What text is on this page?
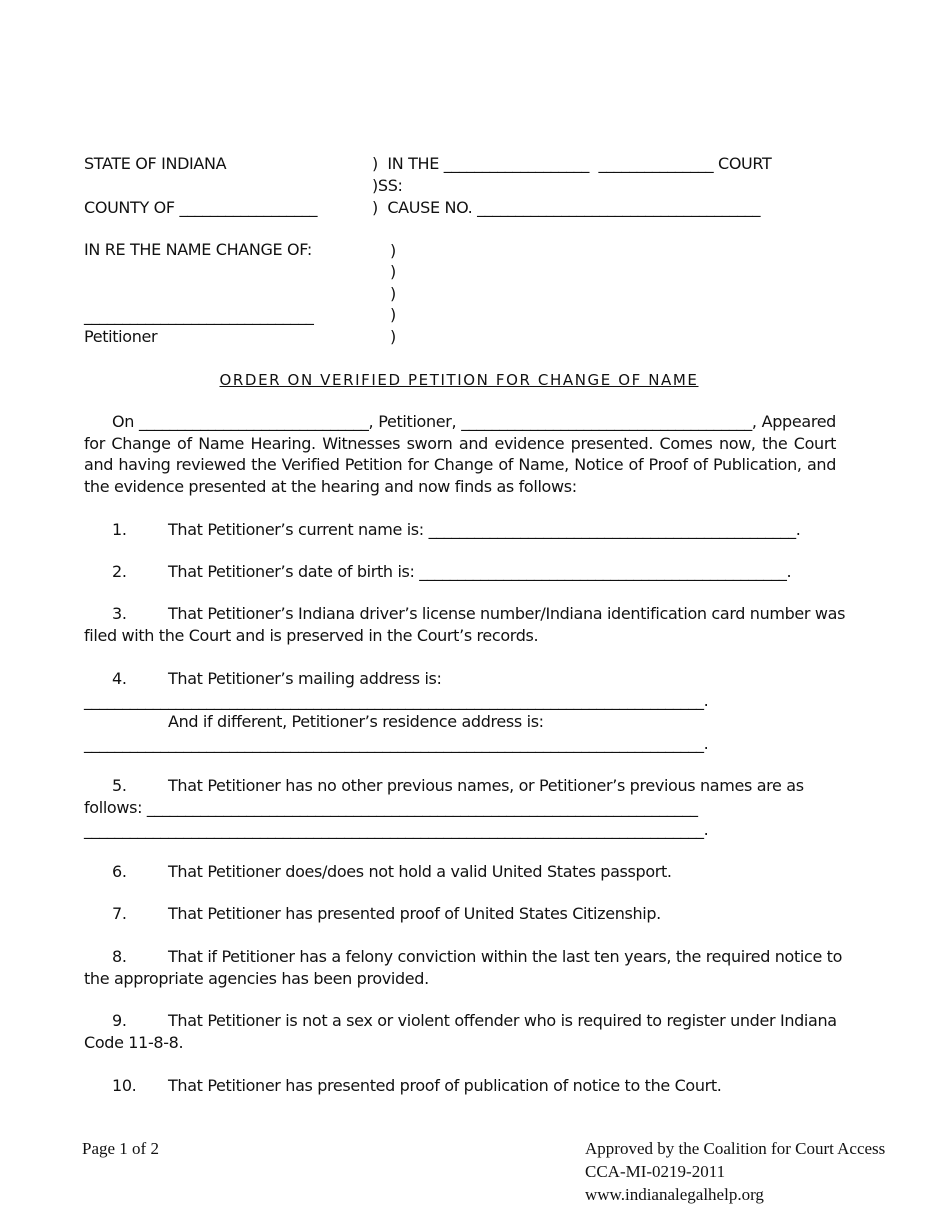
STATE OF INDIANA	)  IN THE ___________________  _______________ COURT
)SS:
COUNTY OF __________________	)  CAUSE NO. _____________________________________
IN RE THE NAME CHANGE OF:	)
)
)
)
)
______________________________
Petitioner
ORDER ON VERIFIED PETITION FOR CHANGE OF NAME
On ______________________________, Petitioner, ______________________________________, Appeared for Change of Name Hearing. Witnesses sworn and evidence presented. Comes now, the Court and having reviewed the Verified Petition for Change of Name, Notice of Proof of Publication, and the evidence presented at the hearing and now finds as follows:
1.	That Petitioner’s current name is: ________________________________________________.
2.	That Petitioner’s date of birth is: ________________________________________________.
3.	That Petitioner’s Indiana driver’s license number/Indiana identification card number was
filed with the Court and is preserved in the Court’s records.
4.	That Petitioner’s mailing address is:
_________________________________________________________________________________.
And if different, Petitioner’s residence address is:
_________________________________________________________________________________.
5.	That Petitioner has no other previous names, or Petitioner’s previous names are as
follows: ________________________________________________________________________
_________________________________________________________________________________.
6.	That Petitioner does/does not hold a valid United States passport.
7.	That Petitioner has presented proof of United States Citizenship.
8.	That if Petitioner has a felony conviction within the last ten years, the required notice to
the appropriate agencies has been provided.
9.	That Petitioner is not a sex or violent offender who is required to register under Indiana
Code 11-8-8.
10. That Petitioner has presented proof of publication of notice to the Court.
Page 1 of 2	Approved by the Coalition for Court Access
CCA-MI-0219-2011
www.indianalegalhelp.org
